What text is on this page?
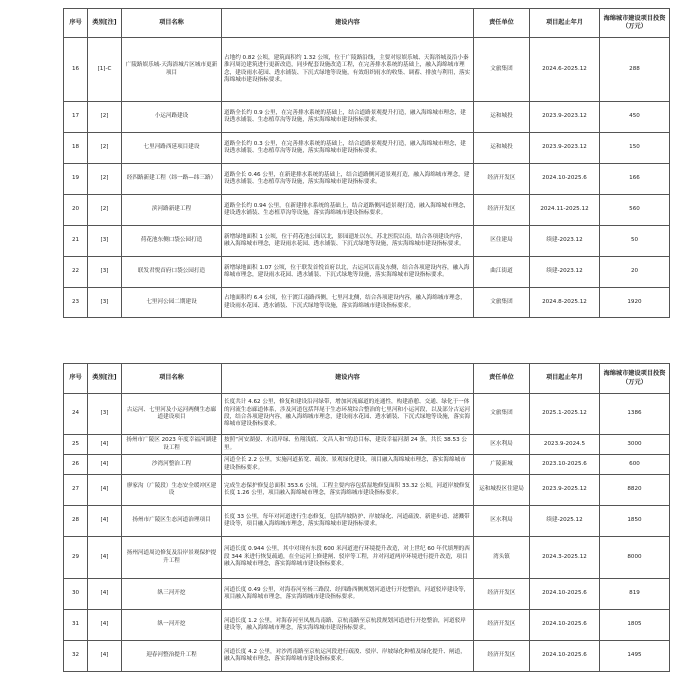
序号	类别[注]	项目名称	建设内容	责任单位	项目起止年月	海绵城市建设项目投资（万元）
16	[1]-C	广陵路娱乐城-天海浴城片区城市更新项目	占地约 0.82 公顷，建筑面积约 1.32 公顷，位于广陵路沿线，主要对原娱乐城、天海浴城及沿小秦淮河周边建筑进行更新改造，同步配套设施改造工程，在完善排水系统的基础上，融入海绵城市理念，建设雨水花园、透水铺装、下沉式绿地等设施，有效组织雨水的收集、调蓄、排放与利用，落实海绵城市建设指标要求。	文旅集团	2024.6-2025.12	288
17	[2]	小运河路建设	道路全长约 0.9 公里，在完善排水系统的基础上，结合道路景观提升打造，融入海绵城市理念，建设透水铺装、生态植草沟等设施，落实海绵城市建设指标要求。	运和城投	2023.9-2023.12	450
18	[2]	七里河路西延项目建设	道路全长约 0.3 公里，在完善排水系统的基础上，结合道路景观提升打造，融入海绵城市理念，建设透水铺装、生态植草沟等设施，落实海绵城市建设指标要求。	运和城投	2023.9-2023.12	150
19	[2]	经四路新建工程（纬一路—纬三路）	道路全长 0.46 公里，在新建排水系统的基础上，结合道路侧河道景观打造，融入海绵城市理念，建设透水铺装、生态植草沟等设施，落实海绵城市建设指标要求。	经济开发区	2024.10-2025.6	166
20	[2]	滨河路新建工程	道路全长约 0.94 公里，在新建排水系统的基础上，结合道路侧河道景观打造，融入海绵城市理念，建设透水铺装、生态植草沟等设施，落实海绵城市建设指标要求。	经济开发区	2024.11-2025.12	560
21	[3]	荷花池东侧口袋公园打造	新增绿地面积 1 公顷，位于荷花池公园以北，影园遗址以东，苏北医院以南，结合各项建设内容，融入海绵城市理念，建设雨水花园、透水铺装、下沉式绿地等设施，落实海绵城市建设指标要求。	区住建局	续建-2023.12	50
22	[3]	联发君悦首府口袋公园打造	新增绿地面积 1.07 公顷，位于联发首悦首府以北，古运河以南及东侧，结合各项建设内容，融入海绵城市理念，建设雨水花园、透水铺装、下沉式绿地等设施，落实海绵城市建设指标要求。	曲江街道	续建-2023.12	20
23	[3]	七里河公园二期建设	占地面积约 6.4 公顷，位于渡江南路西侧，七里河北侧，结合各项建设内容，融入海绵城市理念，建设雨水花园、透水铺装、下沉式绿地等设施，落实海绵城市建设指标要求。	文旅集团	2024.8-2025.12	1920
序号	类别[注]	项目名称	建设内容	责任单位	项目起止年月	海绵城市建设项目投资（万元）
24	[3]	古运河、七里河及小运河两侧生态廊道建设项目	长度共计 4.62 公里，修复和建设沿河绿带，增加河流廊道的连通性，构建游憩、交通、绿化于一体的河流生态廊道体系，涉及河道包括拜尾于生态环境综合整治的七里河和小运河段，以及部分古运河段，结合各项建设内容，融入海绵城市理念，建设雨水花园、透水铺装、下沉式绿地等设施，落实海绵城市建设指标要求。	文旅集团	2025.1-2025.12	1386
25	[4]	扬州市广陵区 2023 年度幸福河湖建设工程	按照“河安湖晏、水清岸绿、鱼翔浅底、文昌人和”的总目标，建设幸福河湖 24 条，共长 38.53 公里。	区水利局	2023.9-2024.5	3000
26	[4]	沙湾河整治工程	河道全长 2.2 公里，实施河道拓宽、疏浚、景观绿化建设，项目融入海绵城市理念，落实海绵城市建设指标要求。	广陵新城	2023.10-2025.6	600
27	[4]	廖家沟（广陵段）生态安全缓冲区建设	完成生态保护修复总面积 353.6 公顷。工程主要内容包括湿地修复面积 33.32 公顷，河道岸坡修复长度 1.26 公里，项目融入海绵城市理念，落实海绵城市建设指标要求。	运和城投区住建局	2023.9-2025.12	8820
28	[4]	扬州市广陵区生态河道治理项目	长度 33 公里，每年对河道进行生态修复，包括岸坡防护、岸坡绿化、河道疏浚、新建步道、滤溅带建设等，项目融入海绵城市理念，落实海绵城市建设指标要求。	区水利局	续建-2025.12	1850
29	[4]	扬州河道周边修复及沿岸景观保护提升工程	河道长度 0.944 公里，其中对现有东段 600 米河道进行环境提升改造，对上世纪 60 年代填埋的西段 344 米进行恢复疏通，在全运河上修建闸、驳岸等工程，并对河道两岸环境进行提升改造，项目融入海绵城市理念，落实海绵城市建设指标要求。	湾头镇	2024.3-2025.12	8000
30	[4]	纵三河开挖	河道长度 0.49 公里，对海春河至杨三路段、经四路西侧规划河道进行开挖整治，河道驳岸建设等，项目融入海绵城市理念，落实海绵城市建设指标要求。	经济开发区	2024.10-2025.6	819
31	[4]	纵一河开挖	河道长度 1.2 公里，对海春河至凤凰岛南路、京杭南路至京杭段规划河道进行开挖整治，河道驳岸建设等，融入海绵城市理念，落实海绵城市建设指标要求。	经济开发区	2024.10-2025.6	1805
32	[4]	迎春河整治提升工程	河道长度 4.2 公里，对沙湾南路至京杭运河段进行疏浚、驳岸、岸坡绿化种植及绿化提升、闸道，融入海绵城市理念，落实海绵城市建设指标要求。	经济开发区	2024.10-2025.6	1495
